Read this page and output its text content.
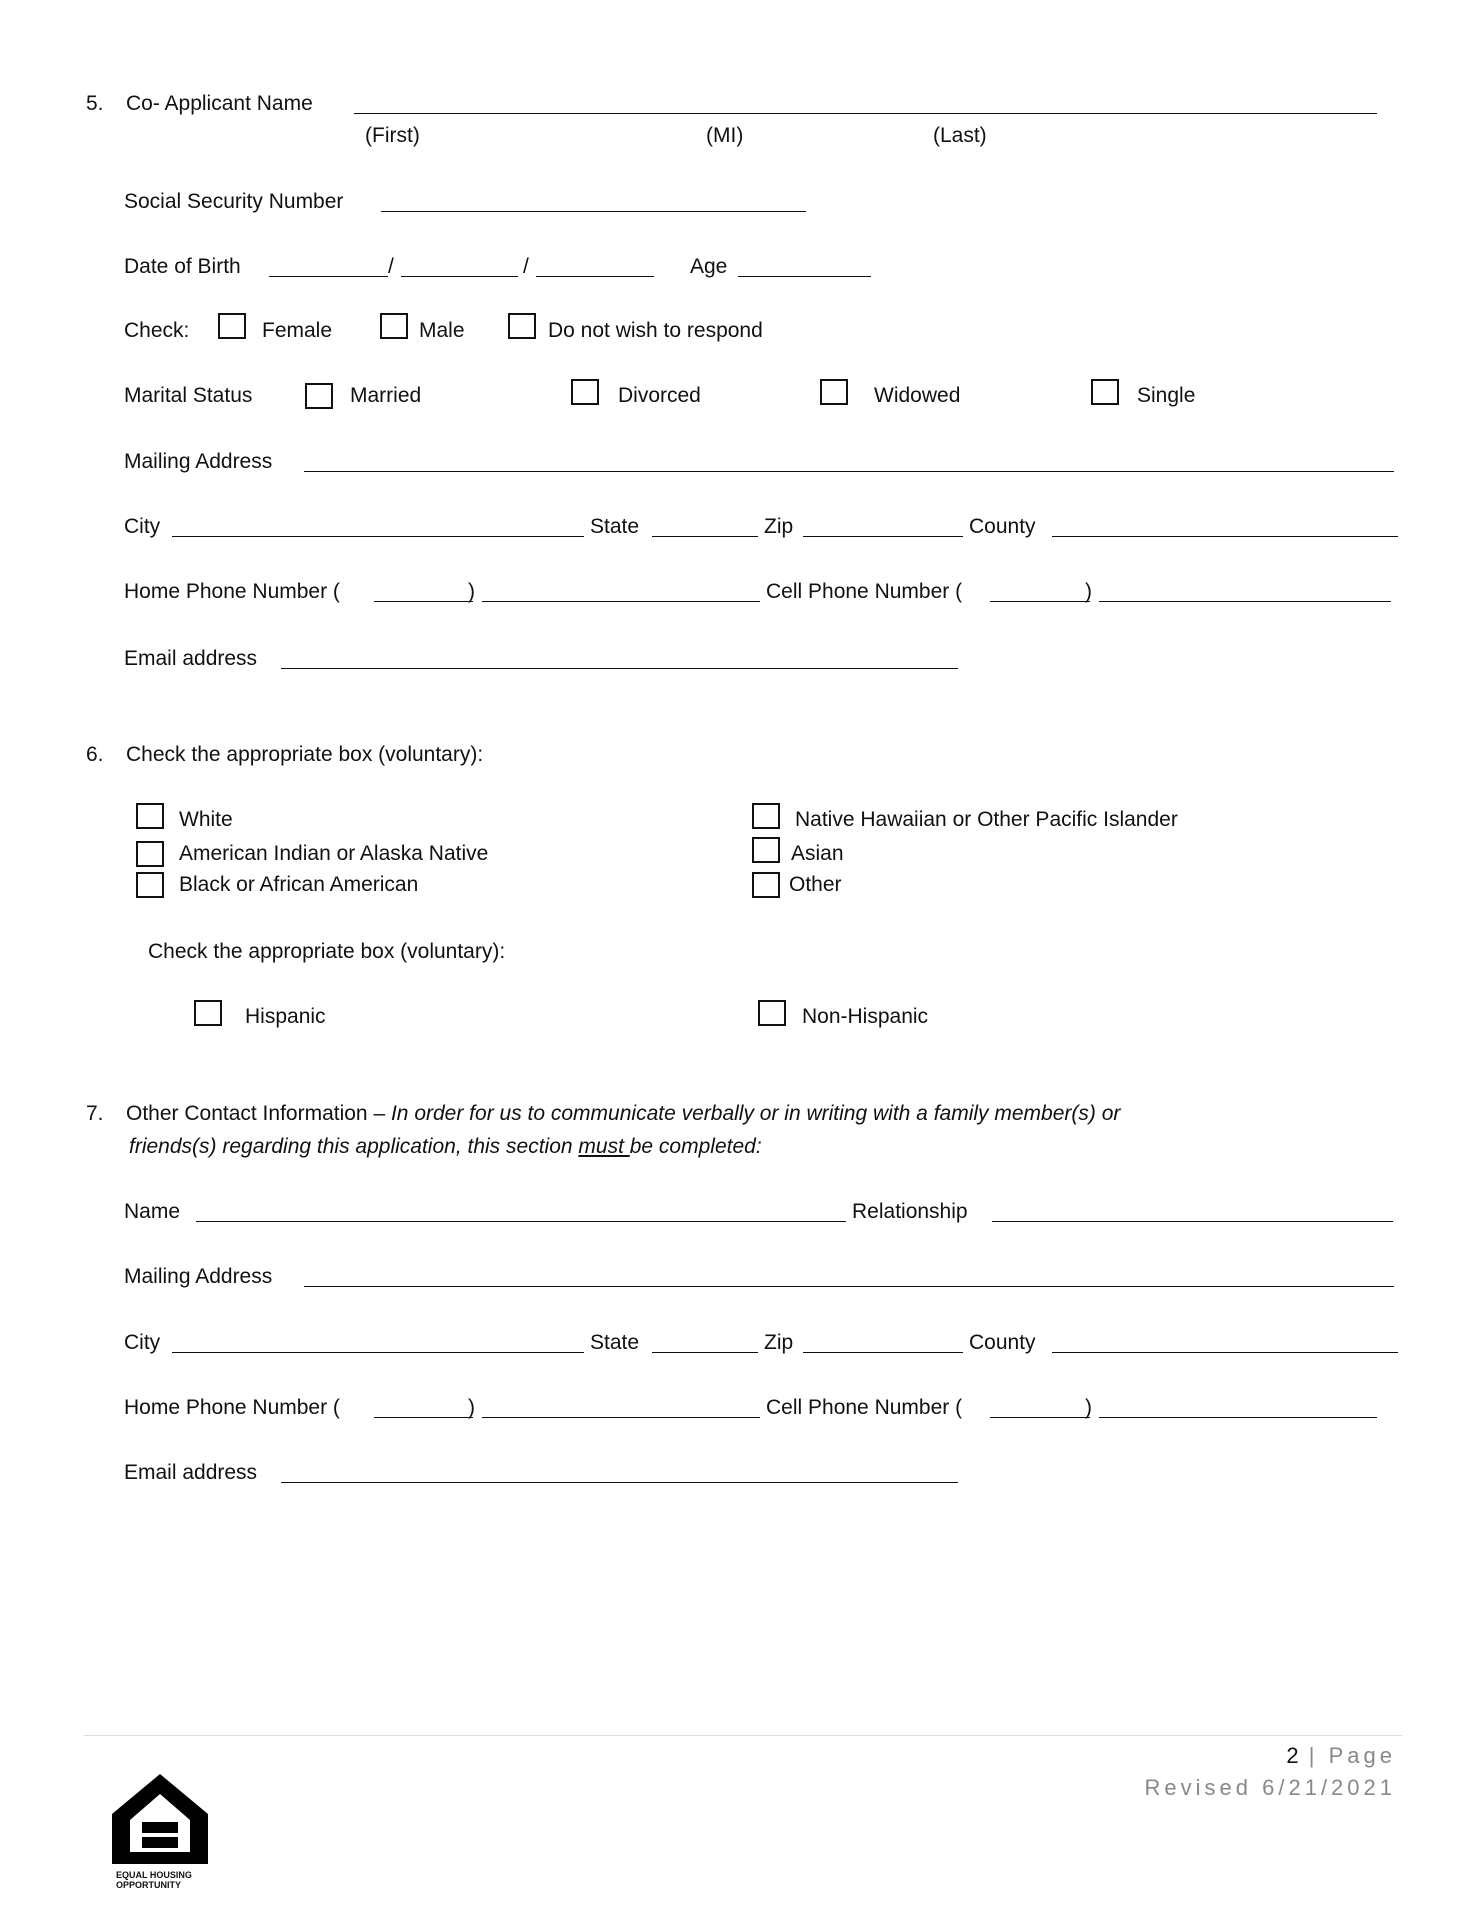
5. Co- Applicant Name
(First)	(MI)	(Last)
Social Security Number
Date of Birth	/	/	Age
Check:	Female	Male	Do not wish to respond
Marital Status	Married	Divorced	Widowed	Single
Mailing Address
City	State	Zip	County
Home Phone Number (	)	Cell Phone Number (	)
Email address
6. Check the appropriate box (voluntary):
White	Native Hawaiian or Other Pacific Islander
American Indian or Alaska Native	Asian
Black or African American	Other
Check the appropriate box (voluntary):
Hispanic	Non-Hispanic
7. Other Contact Information – In order for us to communicate verbally or in writing with a family member(s) or
friends(s) regarding this application, this section must be completed:
Name	Relationship
Mailing Address
City	State	Zip	County
Home Phone Number (	)	Cell Phone Number (	)
Email address
2 | Page
Revised 6/21/2021
EQUAL HOUSING
OPPORTUNITY
